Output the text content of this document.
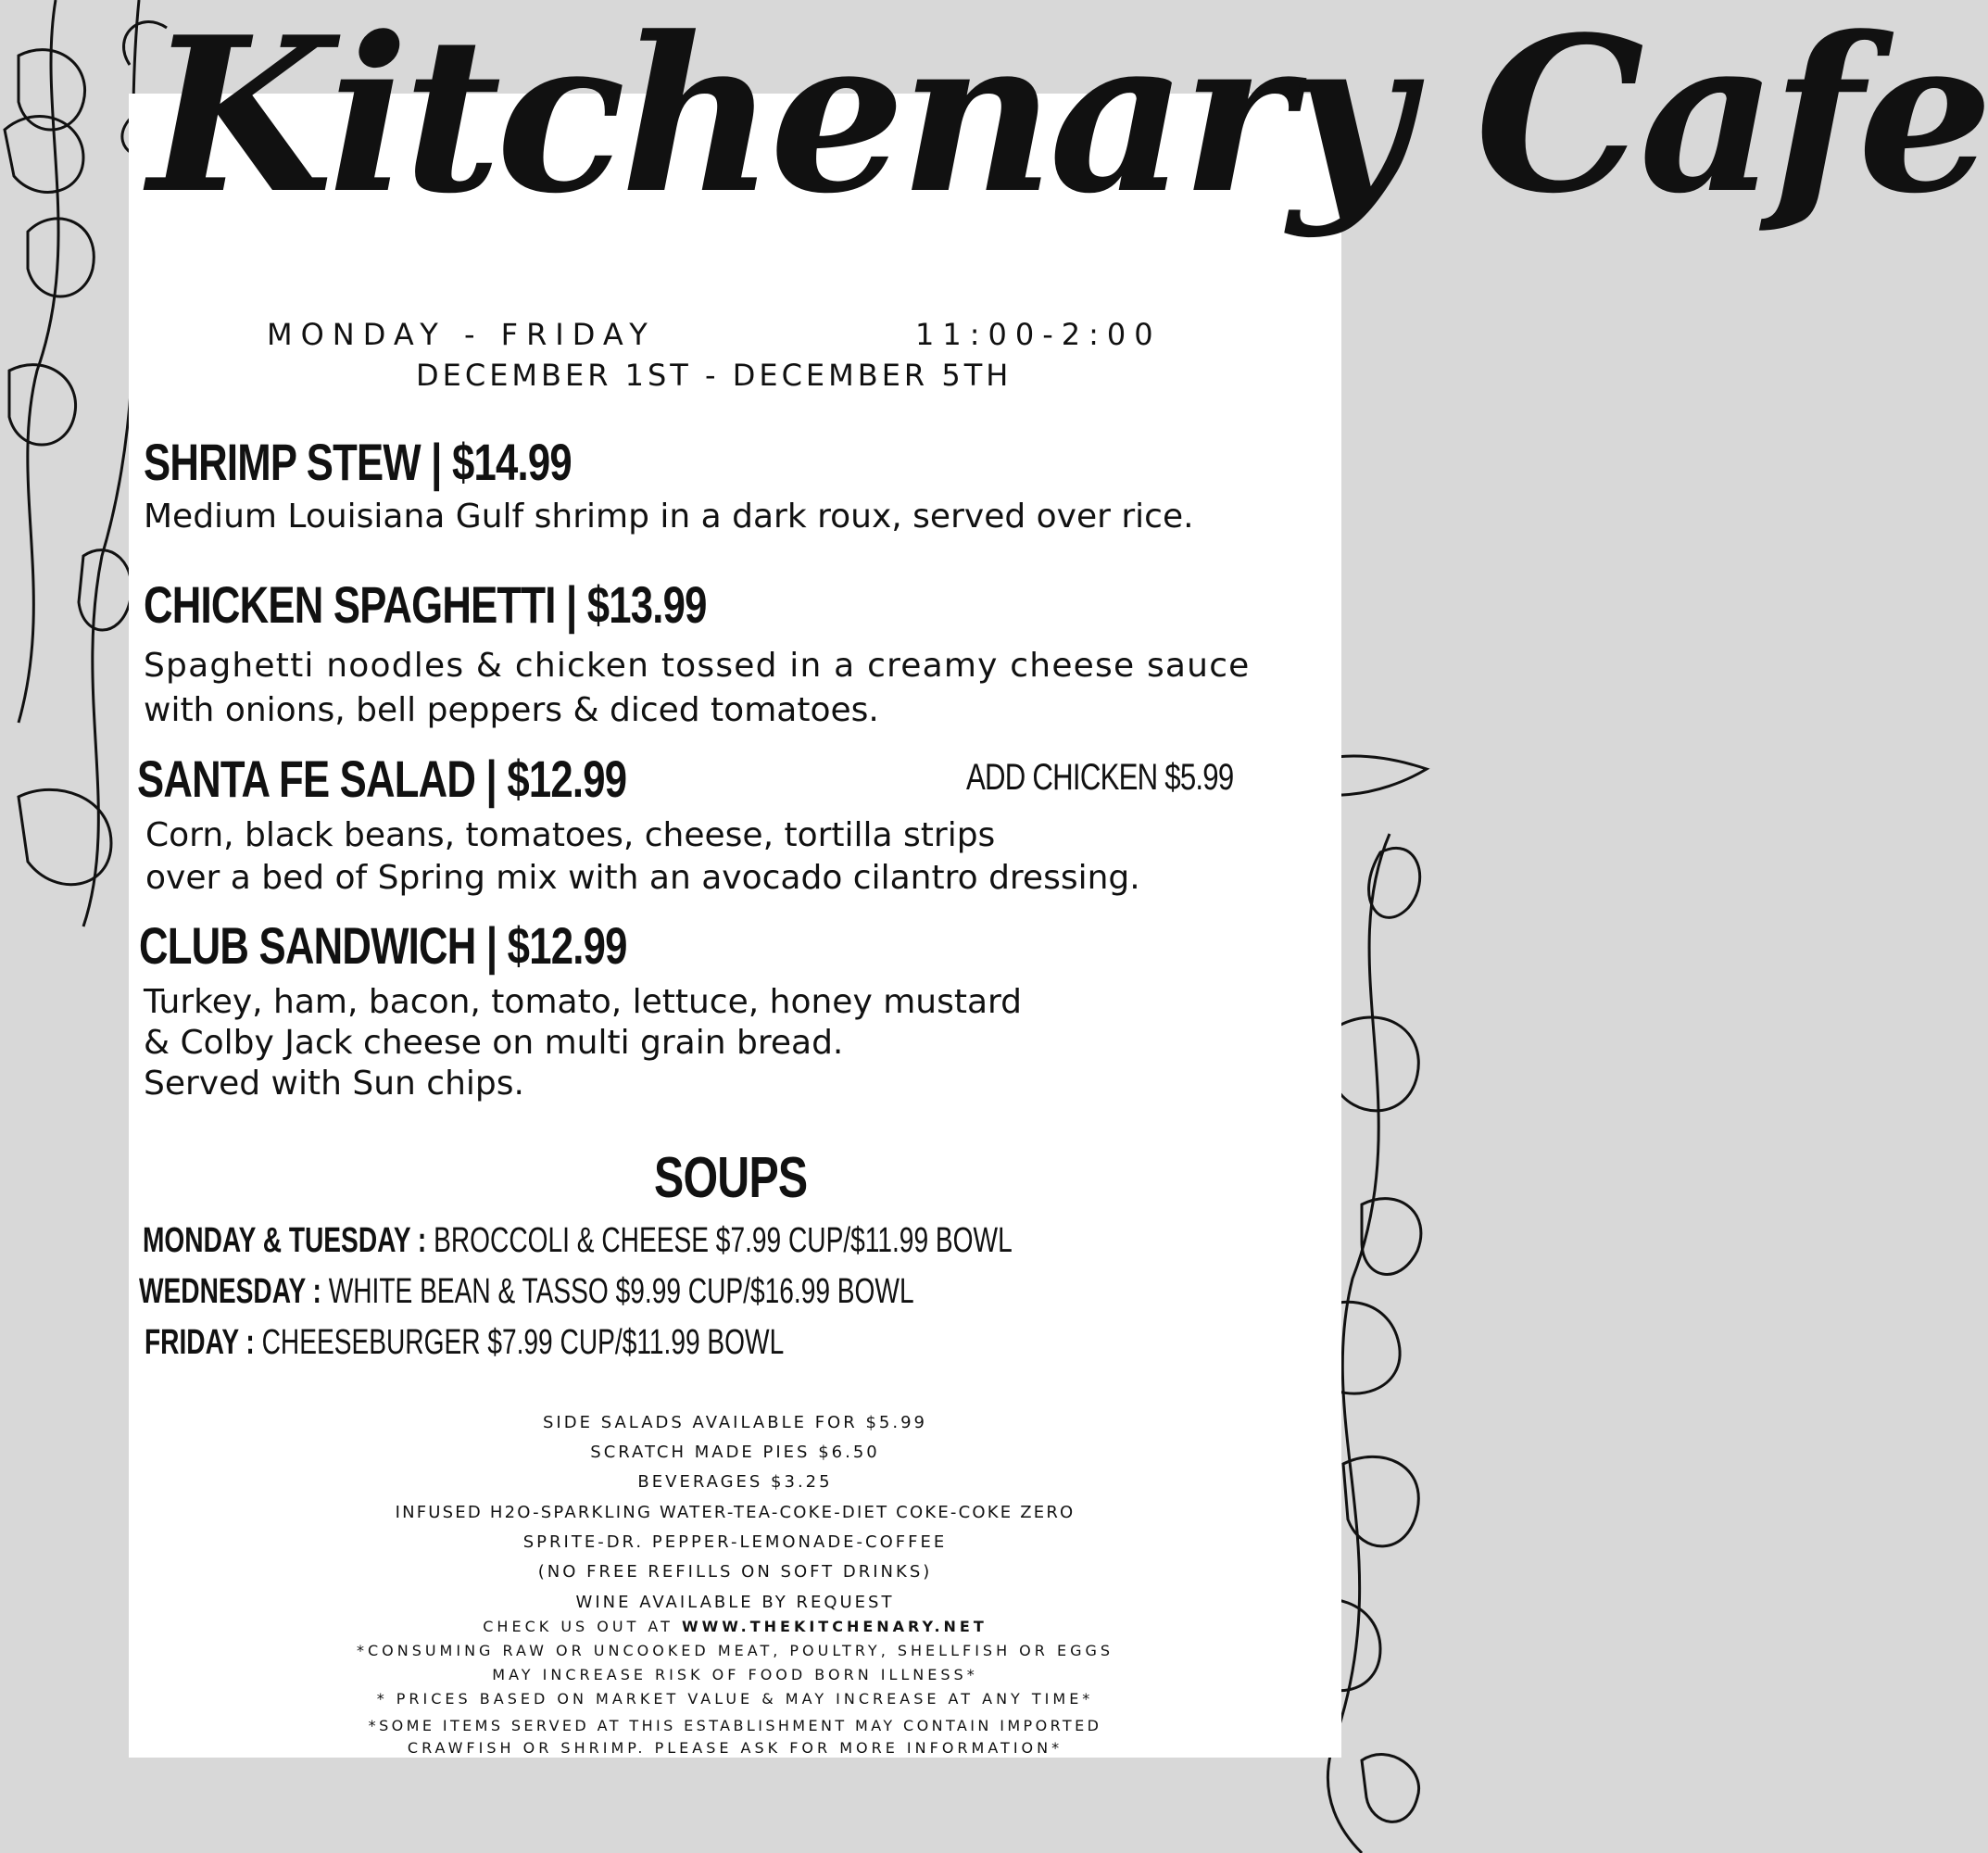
Kitchenary Cafe
MONDAY - FRIDAY	11:00-2:00
DECEMBER 1ST - DECEMBER 5TH
SHRIMP STEW | $14.99
Medium Louisiana Gulf shrimp in a dark roux, served over rice.
CHICKEN SPAGHETTI | $13.99
Spaghetti noodles & chicken tossed in a creamy cheese sauce
with onions, bell peppers & diced tomatoes.
SANTA FE SALAD | $12.99	ADD CHICKEN $5.99
Corn, black beans, tomatoes, cheese, tortilla strips
over a bed of Spring mix with an avocado cilantro dressing.
CLUB SANDWICH | $12.99
Turkey, ham, bacon, tomato, lettuce, honey mustard
& Colby Jack cheese on multi grain bread.
Served with Sun chips.
SOUPS
MONDAY & TUESDAY : BROCCOLI & CHEESE $7.99 CUP/$11.99 BOWL
WEDNESDAY : WHITE BEAN & TASSO $9.99 CUP/$16.99 BOWL
FRIDAY : CHEESEBURGER $7.99 CUP/$11.99 BOWL
SIDE SALADS AVAILABLE FOR $5.99
SCRATCH MADE PIES $6.50
BEVERAGES $3.25
INFUSED H2O-SPARKLING WATER-TEA-COKE-DIET COKE-COKE ZERO
SPRITE-DR. PEPPER-LEMONADE-COFFEE
(NO FREE REFILLS ON SOFT DRINKS)
WINE AVAILABLE BY REQUEST
CHECK US OUT AT WWW.THEKITCHENARY.NET
*CONSUMING RAW OR UNCOOKED MEAT, POULTRY, SHELLFISH OR EGGS
MAY INCREASE RISK OF FOOD BORN ILLNESS*
* PRICES BASED ON MARKET VALUE & MAY INCREASE AT ANY TIME*
*SOME ITEMS SERVED AT THIS ESTABLISHMENT MAY CONTAIN IMPORTED
CRAWFISH OR SHRIMP. PLEASE ASK FOR MORE INFORMATION*
